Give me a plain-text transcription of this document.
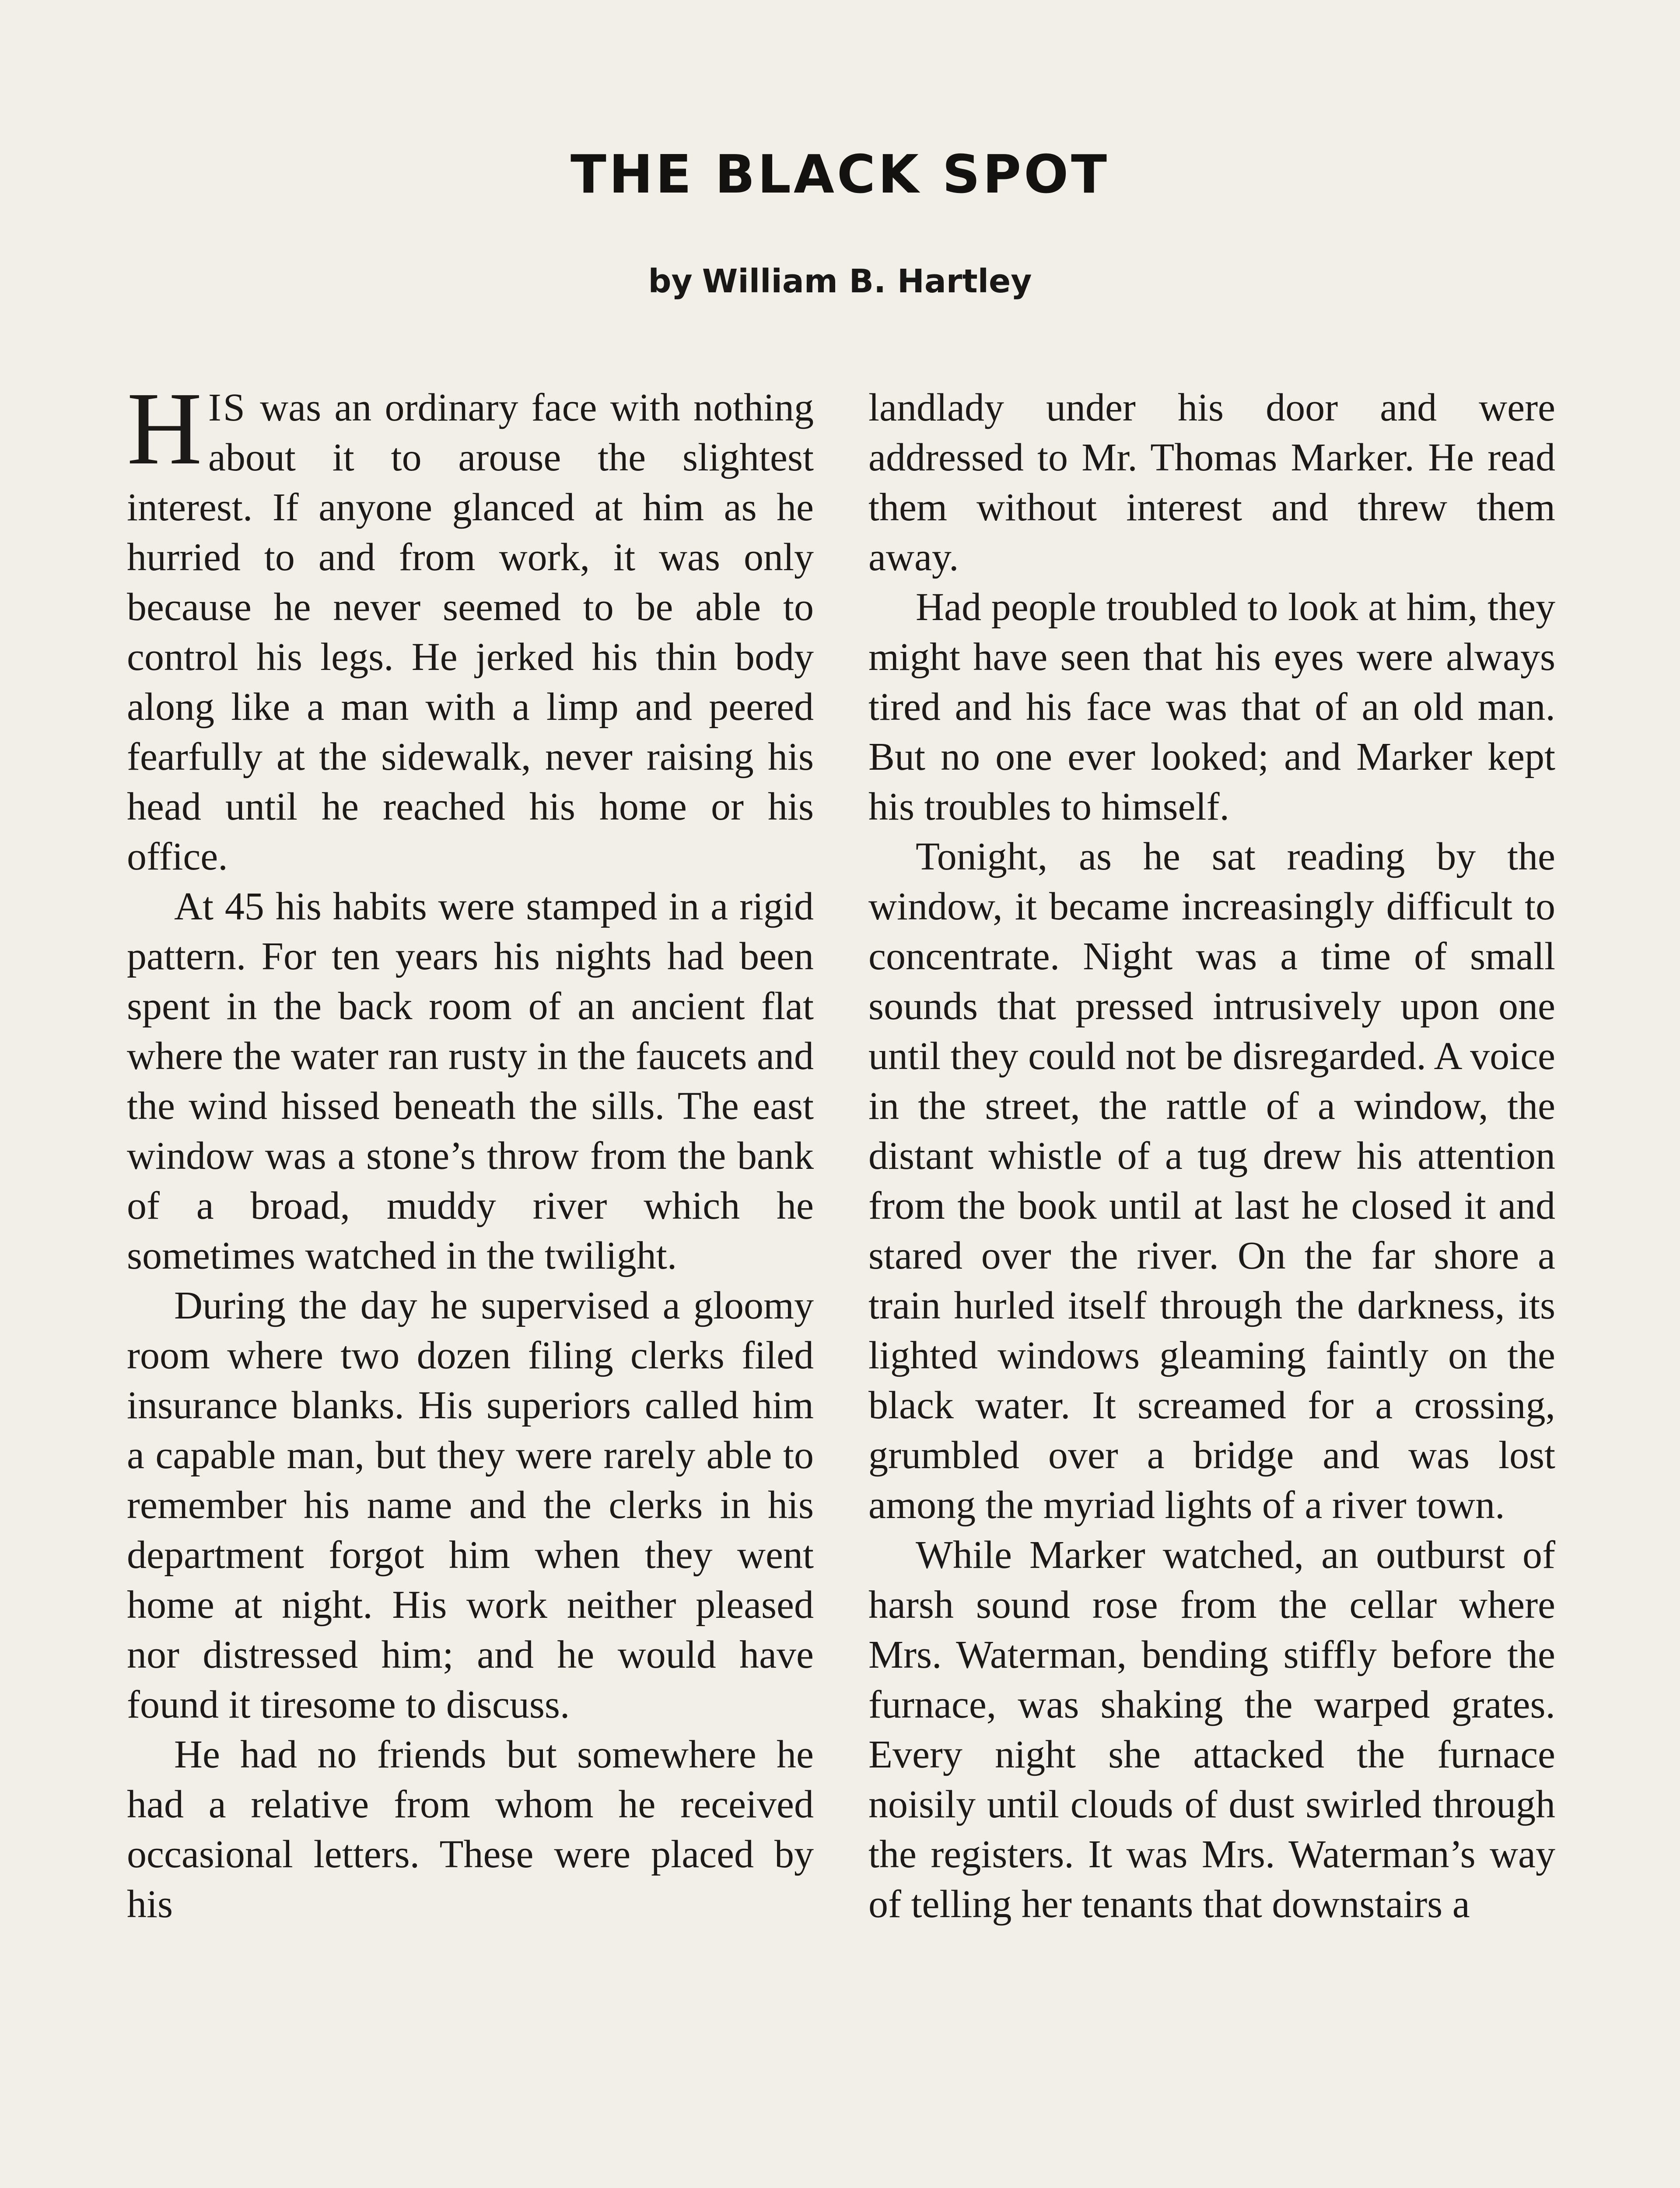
THE BLACK SPOT
by William B. Hartley

HIS was an ordinary face with nothing about it to arouse the slightest interest. If anyone glanced at him as he hurried to and from work, it was only because he never seemed to be able to control his legs. He jerked his thin body along like a man with a limp and peered fearfully at the sidewalk, never raising his head until he reached his home or his office.

At 45 his habits were stamped in a rigid pattern. For ten years his nights had been spent in the back room of an ancient flat where the water ran rusty in the faucets and the wind hissed beneath the sills. The east window was a stone’s throw from the bank of a broad, muddy river which he sometimes watched in the twilight.

During the day he supervised a gloomy room where two dozen filing clerks filed insurance blanks. His superiors called him a capable man, but they were rarely able to remember his name and the clerks in his department forgot him when they went home at night. His work neither pleased nor distressed him; and he would have found it tiresome to discuss.

He had no friends but somewhere he had a relative from whom he received occasional letters. These were placed by his

landlady under his door and were addressed to Mr. Thomas Marker. He read them without interest and threw them away.

Had people troubled to look at him, they might have seen that his eyes were always tired and his face was that of an old man. But no one ever looked; and Marker kept his troubles to himself.

Tonight, as he sat reading by the window, it became increasingly difficult to concentrate. Night was a time of small sounds that pressed intrusively upon one until they could not be disregarded. A voice in the street, the rattle of a window, the distant whistle of a tug drew his attention from the book until at last he closed it and stared over the river. On the far shore a train hurled itself through the darkness, its lighted windows gleaming faintly on the black water. It screamed for a crossing, grumbled over a bridge and was lost among the myriad lights of a river town.

While Marker watched, an outburst of harsh sound rose from the cellar where Mrs. Waterman, bending stiffly before the furnace, was shaking the warped grates. Every night she attacked the furnace noisily until clouds of dust swirled through the registers. It was Mrs. Waterman’s way of telling her tenants that downstairs a
